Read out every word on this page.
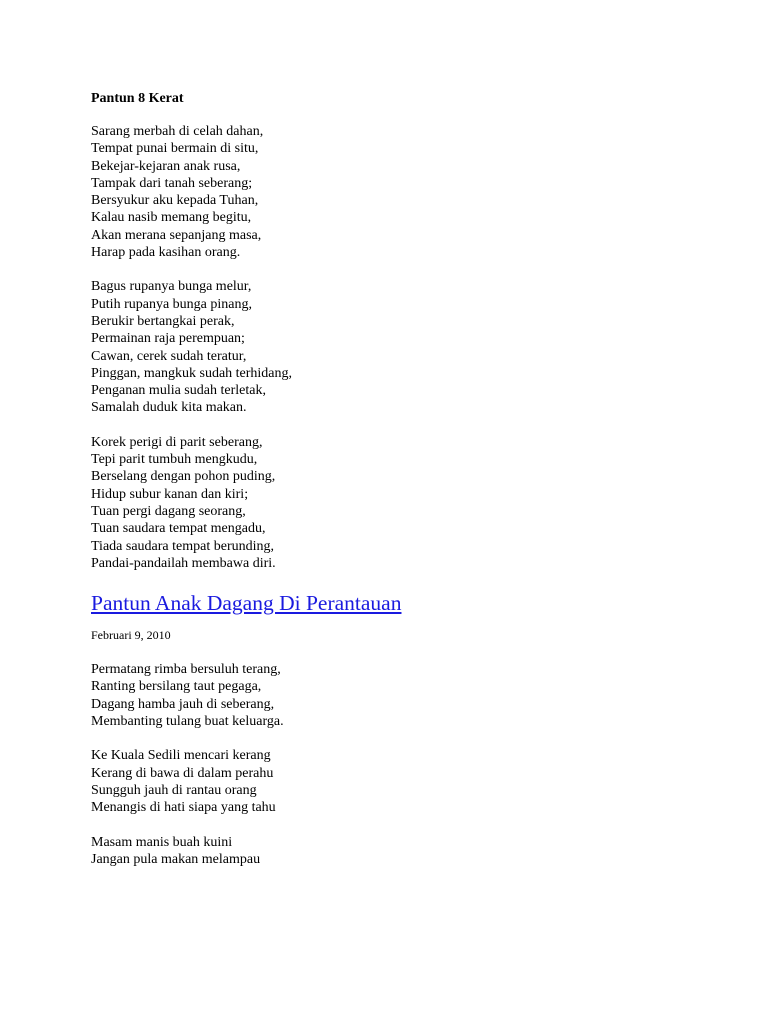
Pantun 8 Kerat
Sarang merbah di celah dahan,
Tempat punai bermain di situ,
Bekejar-kejaran anak rusa,
Tampak dari tanah seberang;
Bersyukur aku kepada Tuhan,
Kalau nasib memang begitu,
Akan merana sepanjang masa,
Harap pada kasihan orang.
Bagus rupanya bunga melur,
Putih rupanya bunga pinang,
Berukir bertangkai perak,
Permainan raja perempuan;
Cawan, cerek sudah teratur,
Pinggan, mangkuk sudah terhidang,
Penganan mulia sudah terletak,
Samalah duduk kita makan.
Korek perigi di parit seberang,
Tepi parit tumbuh mengkudu,
Berselang dengan pohon puding,
Hidup subur kanan dan kiri;
Tuan pergi dagang seorang,
Tuan saudara tempat mengadu,
Tiada saudara tempat berunding,
Pandai-pandailah membawa diri.
Pantun Anak Dagang Di Perantauan
Februari 9, 2010
Permatang rimba bersuluh terang,
Ranting bersilang taut pegaga,
Dagang hamba jauh di seberang,
Membanting tulang buat keluarga.
Ke Kuala Sedili mencari kerang
Kerang di bawa di dalam perahu
Sungguh jauh di rantau orang
Menangis di hati siapa yang tahu
Masam manis buah kuini
Jangan pula makan melampau
